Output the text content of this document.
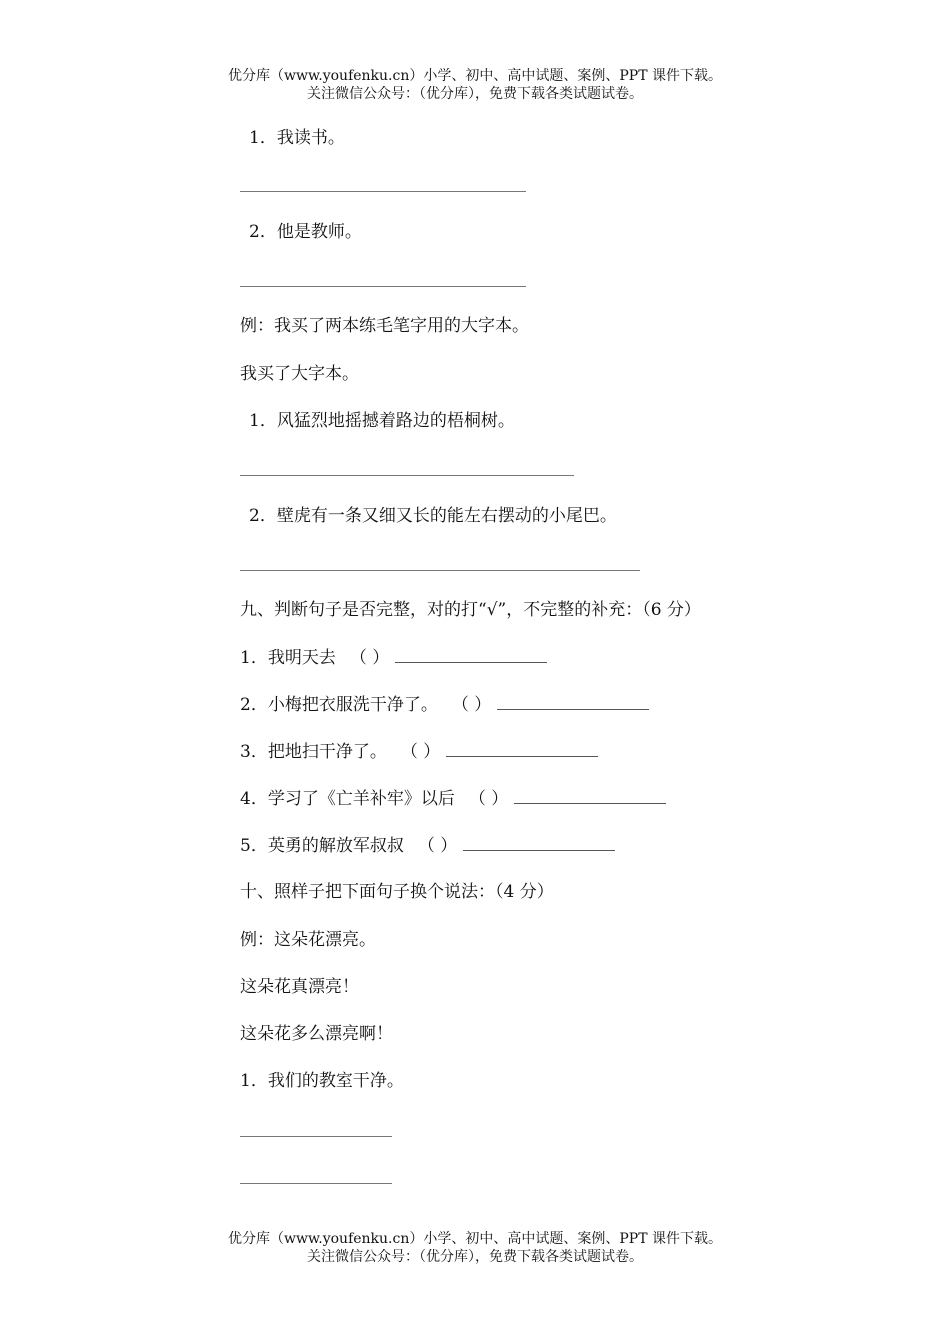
优分库（www.youfenku.cn）小学、初中、高中试题、案例、PPT 课件下载。
关注微信公众号：（优分库），免费下载各类试题试卷。
1．我读书。
2．他是教师。
例：我买了两本练毛笔字用的大字本。
我买了大字本。
1．风猛烈地摇撼着路边的梧桐树。
2．壁虎有一条又细又长的能左右摆动的小尾巴。
九、判断句子是否完整，对的打“√”，不完整的补充：（6 分）
1．我明天去 （ ）
2．小梅把衣服洗干净了。 （ ）
3．把地扫干净了。 （ ）
4．学习了《亡羊补牢》以后 （ ）
5．英勇的解放军叔叔 （ ）
十、照样子把下面句子换个说法：（4 分）
例：这朵花漂亮。
这朵花真漂亮！
这朵花多么漂亮啊！
1．我们的教室干净。
优分库（www.youfenku.cn）小学、初中、高中试题、案例、PPT 课件下载。
关注微信公众号：（优分库），免费下载各类试题试卷。
